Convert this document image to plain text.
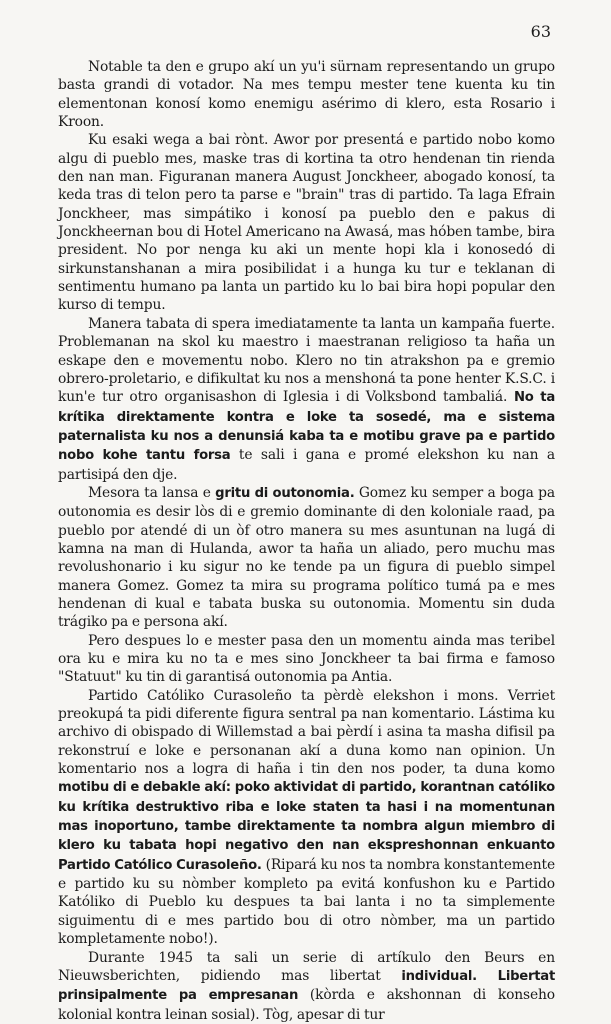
63

Notable ta den e grupo akí un yu'i sürnam representando un grupo basta grandi di votador. Na mes tempu mester tene kuenta ku tin elementonan konosí komo enemigu asérimo di klero, esta Rosario i Kroon.

Ku esaki wega a bai rònt. Awor por presentá e partido nobo komo algu di pueblo mes, maske tras di kortina ta otro hendenan tin rienda den nan man. Figuranan manera August Jonckheer, abogado konosí, ta keda tras di telon pero ta parse e "brain" tras di partido. Ta laga Efrain Jonckheer, mas simpátiko i konosí pa pueblo den e pakus di Jonckheernan bou di Hotel Americano na Awasá, mas hóben tambe, bira president. No por nenga ku aki un mente hopi kla i konosedó di sirkunstanshanan a mira posibilidat i a hunga ku tur e teklanan di sentimentu humano pa lanta un partido ku lo bai bira hopi popular den kurso di tempu.

Manera tabata di spera imediatamente ta lanta un kampaña fuerte. Problemanan na skol ku maestro i maestranan religioso ta haña un eskape den e movementu nobo. Klero no tin atrakshon pa e gremio obrero-proletario, e difikultat ku nos a menshoná ta pone henter K.S.C. i kun'e tur otro organisashon di Iglesia i di Volksbond tambaliá. No ta krítika direktamente kontra e loke ta sosedé, ma e sistema paternalista ku nos a denunsiá kaba ta e motibu grave pa e partido nobo kohe tantu forsa te sali i gana e promé elekshon ku nan a partisipá den dje.

Mesora ta lansa e gritu di outonomia. Gomez ku semper a boga pa outonomia es desir lòs di e gremio dominante di den koloniale raad, pa pueblo por atendé di un òf otro manera su mes asuntunan na lugá di kamna na man di Hulanda, awor ta haña un aliado, pero muchu mas revolushonario i ku sigur no ke tende pa un figura di pueblo simpel manera Gomez. Gomez ta mira su programa político tumá pa e mes hendenan di kual e tabata buska su outonomia. Momentu sin duda trágiko pa e persona akí.

Pero despues lo e mester pasa den un momentu ainda mas teribel ora ku e mira ku no ta e mes sino Jonckheer ta bai firma e famoso "Statuut" ku tin di garantisá outonomia pa Antia.

Partido Católiko Curasoleño ta pèrdè elekshon i mons. Verriet preokupá ta pidi diferente figura sentral pa nan komentario. Lástima ku archivo di obispado di Willemstad a bai pèrdí i asina ta masha difisil pa rekonstruí e loke e personanan akí a duna komo nan opinion. Un komentario nos a logra di haña i tin den nos poder, ta duna komo motibu di e debakle akí: poko aktividat di partido, korantnan católiko ku krítika destruktivo riba e loke staten ta hasi i na momentunan mas inoportuno, tambe direktamente ta nombra algun miembro di klero ku tabata hopi negativo den nan ekspreshonnan enkuanto Partido Católico Curasoleño. (Ripará ku nos ta nombra konstantemente e partido ku su nòmber kompleto pa evitá konfushon ku e Partido Katóliko di Pueblo ku despues ta bai lanta i no ta simplemente siguimentu di e mes partido bou di otro nòmber, ma un partido kompletamente nobo!).

Durante 1945 ta sali un serie di artíkulo den Beurs en Nieuwsberichten, pidiendo mas libertat individual. Libertat prinsipalmente pa empresanan (kòrda e akshonnan di konseho kolonial kontra leinan sosial). Tòg, apesar di tur
